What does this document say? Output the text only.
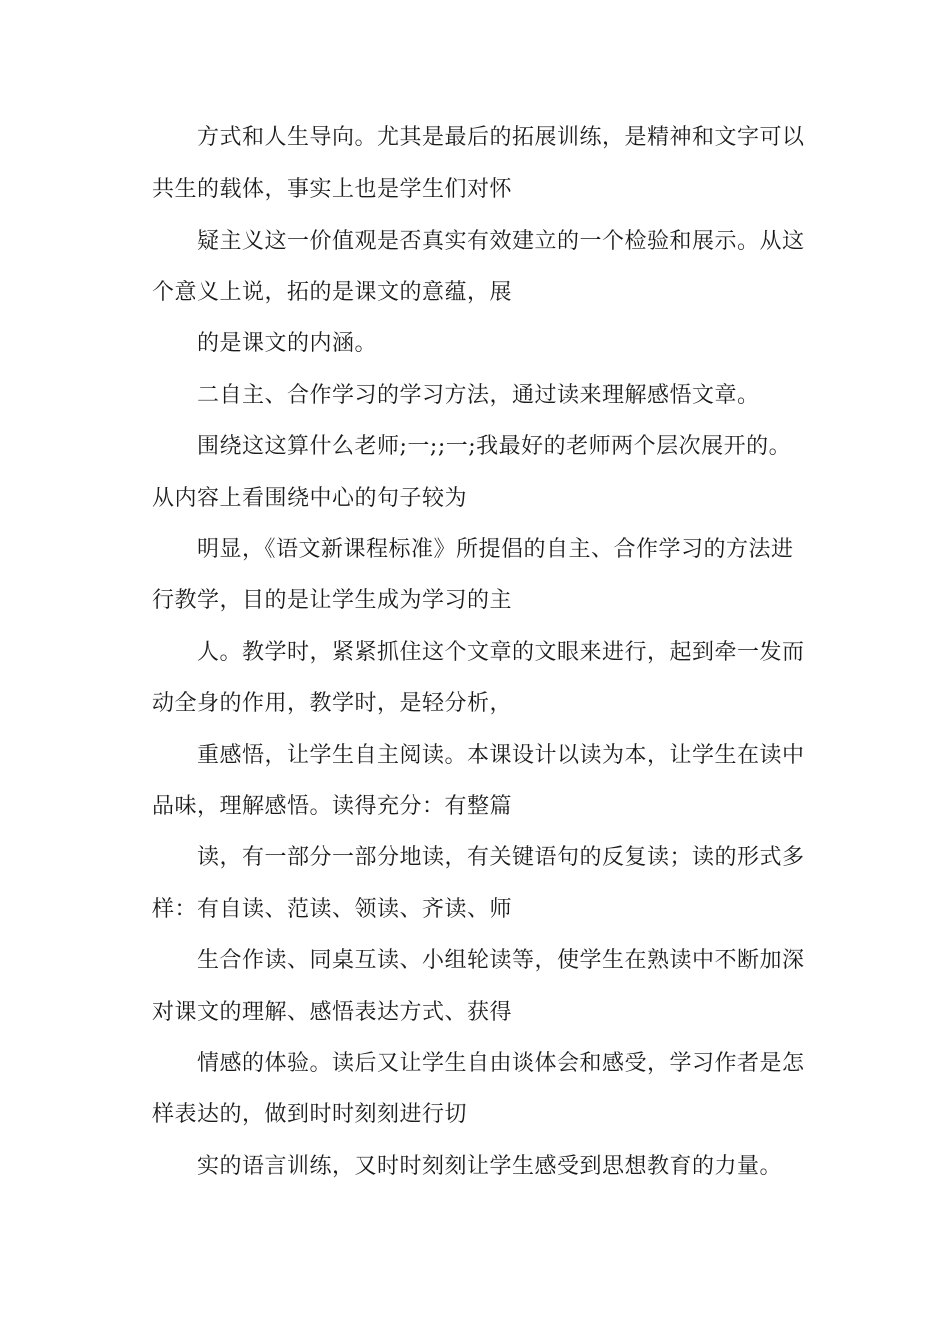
方式和人生导向。尤其是最后的拓展训练，是精神和文字可以
共生的载体，事实上也是学生们对怀
疑主义这一价值观是否真实有效建立的一个检验和展示。从这
个意义上说，拓的是课文的意蕴，展
的是课文的内涵。
二自主、合作学习的学习方法，通过读来理解感悟文章。
围绕这这算什么老师;一;;一;我最好的老师两个层次展开的。
从内容上看围绕中心的句子较为
明显，《语文新课程标准》所提倡的自主、合作学习的方法进
行教学，目的是让学生成为学习的主
人。教学时，紧紧抓住这个文章的文眼来进行，起到牵一发而
动全身的作用，教学时，是轻分析，
重感悟，让学生自主阅读。本课设计以读为本，让学生在读中
品味，理解感悟。读得充分：有整篇
读，有一部分一部分地读，有关键语句的反复读；读的形式多
样：有自读、范读、领读、齐读、师
生合作读、同桌互读、小组轮读等，使学生在熟读中不断加深
对课文的理解、感悟表达方式、获得
情感的体验。读后又让学生自由谈体会和感受，学习作者是怎
样表达的，做到时时刻刻进行切
实的语言训练，又时时刻刻让学生感受到思想教育的力量。
